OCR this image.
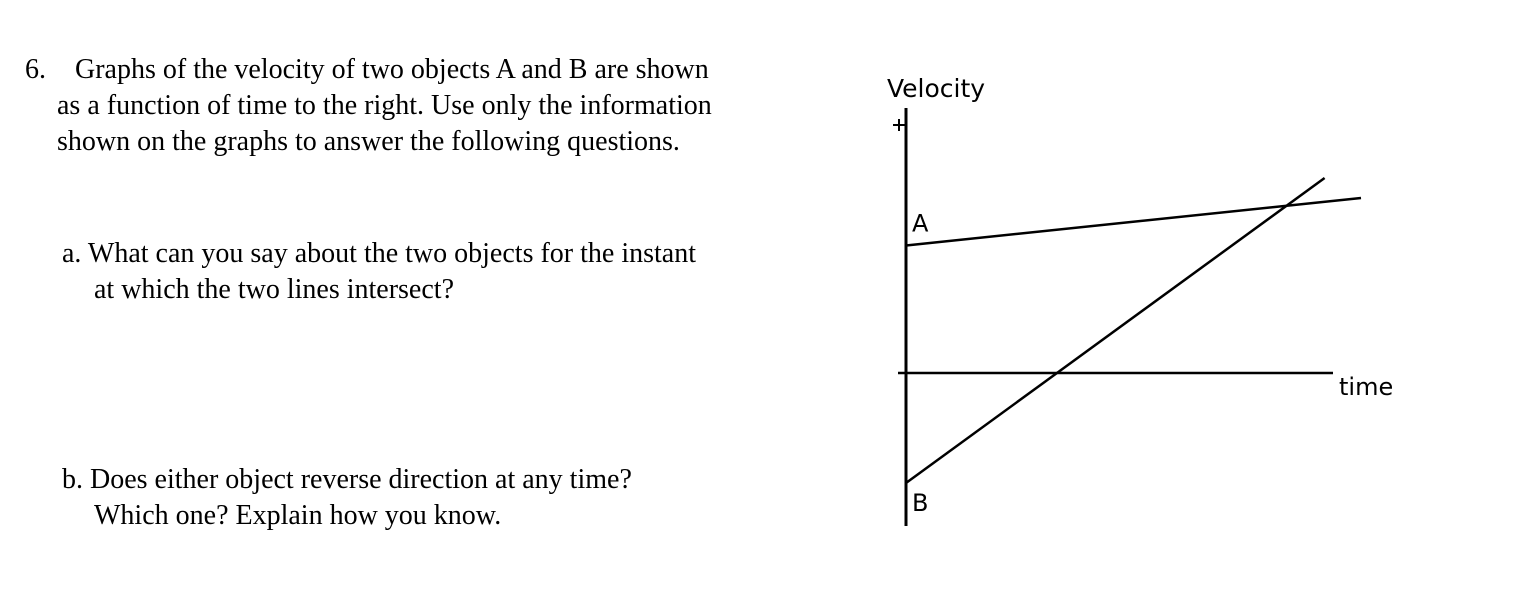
6. Graphs of the velocity of two objects A and B are shown
as a function of time to the right. Use only the information
shown on the graphs to answer the following questions.
a. What can you say about the two objects for the instant
at which the two lines intersect?
b. Does either object reverse direction at any time?
Which one? Explain how you know.
Velocity
time
A
B
